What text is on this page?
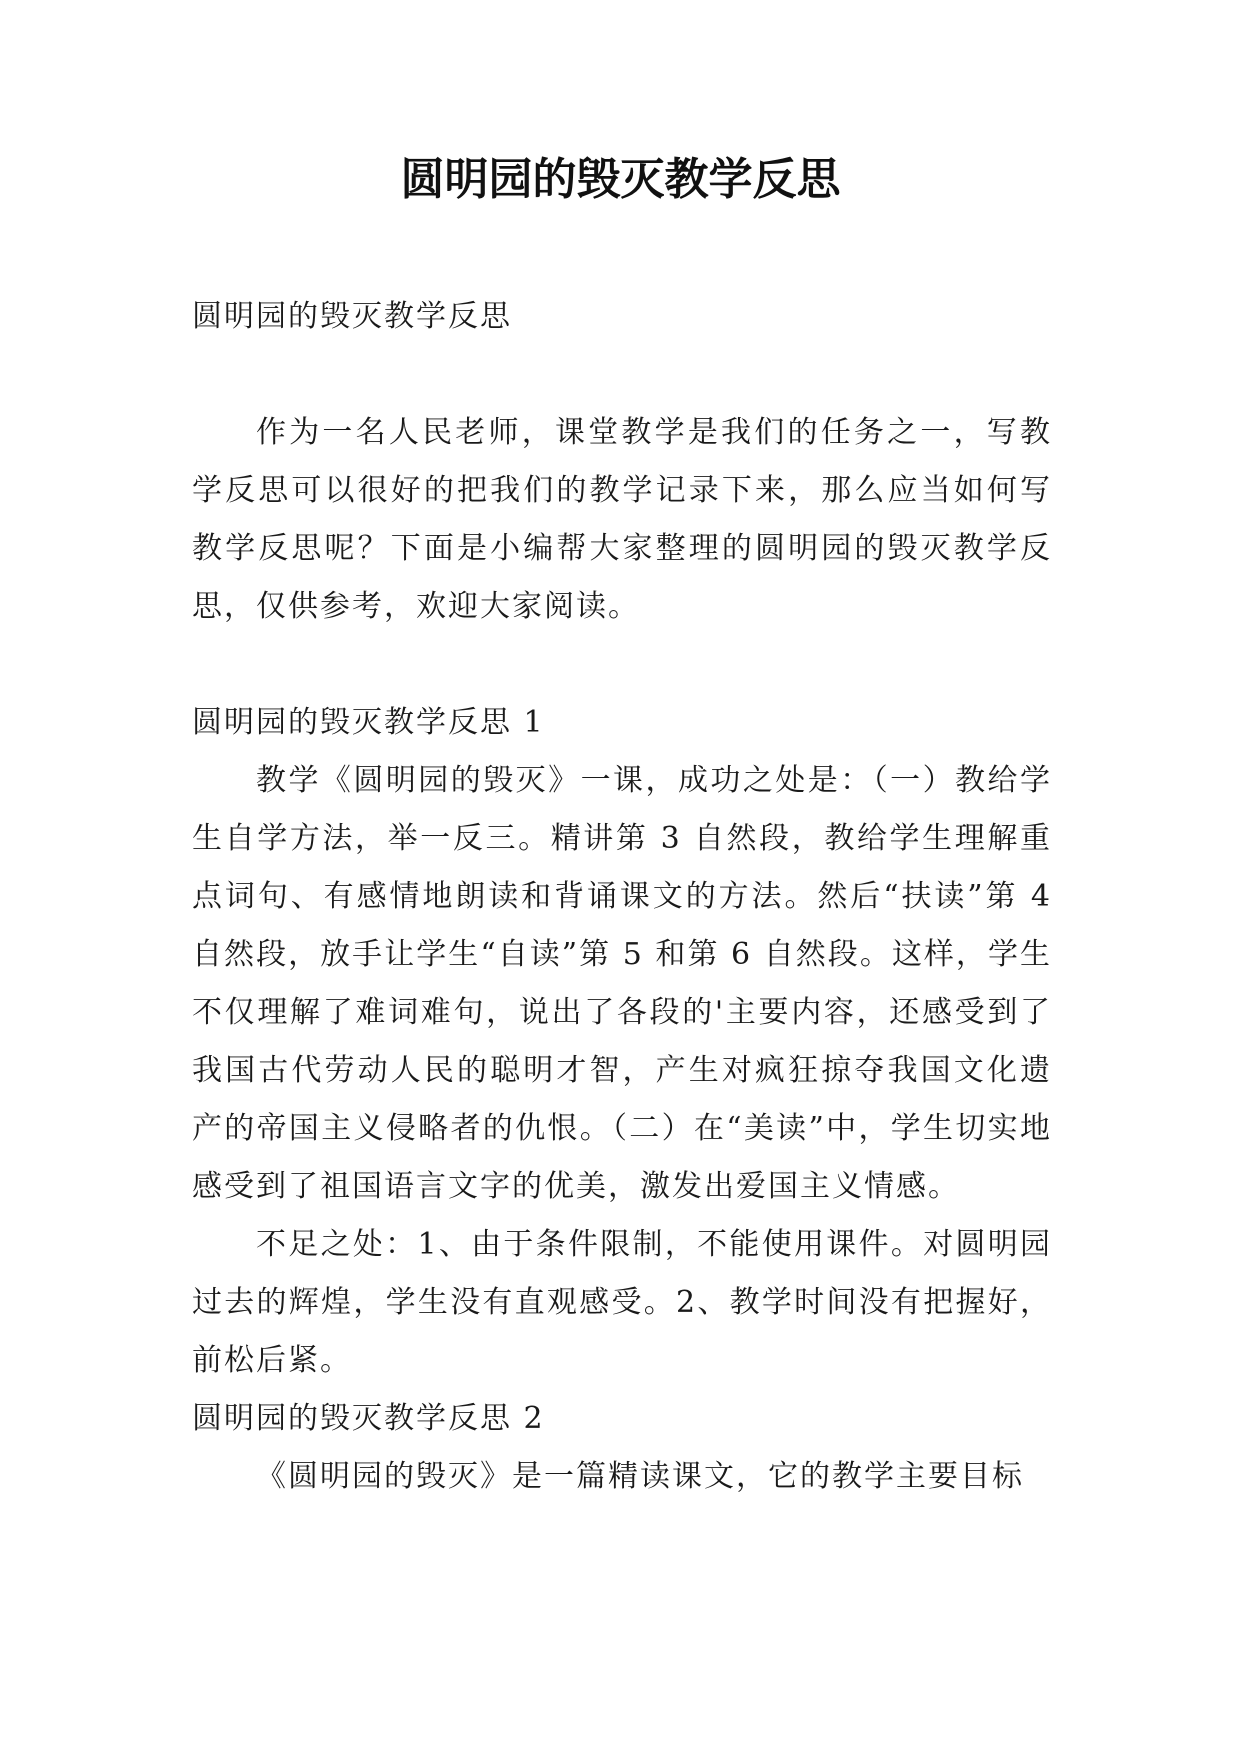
圆明园的毁灭教学反思

圆明园的毁灭教学反思

作为一名人民老师，课堂教学是我们的任务之一，写教学反思可以很好的把我们的教学记录下来，那么应当如何写教学反思呢？下面是小编帮大家整理的圆明园的毁灭教学反思，仅供参考，欢迎大家阅读。

圆明园的毁灭教学反思 1

教学《圆明园的毁灭》一课，成功之处是：（一）教给学生自学方法，举一反三。精讲第 3 自然段，教给学生理解重点词句、有感情地朗读和背诵课文的方法。然后“扶读”第 4 自然段，放手让学生“自读”第 5 和第 6 自然段。这样，学生不仅理解了难词难句，说出了各段的'主要内容，还感受到了我国古代劳动人民的聪明才智，产生对疯狂掠夺我国文化遗产的帝国主义侵略者的仇恨。（二）在“美读”中，学生切实地感受到了祖国语言文字的优美，激发出爱国主义情感。

不足之处：1、由于条件限制，不能使用课件。对圆明园过去的辉煌，学生没有直观感受。2、教学时间没有把握好，前松后紧。

圆明园的毁灭教学反思 2

《圆明园的毁灭》是一篇精读课文，它的教学主要目标
